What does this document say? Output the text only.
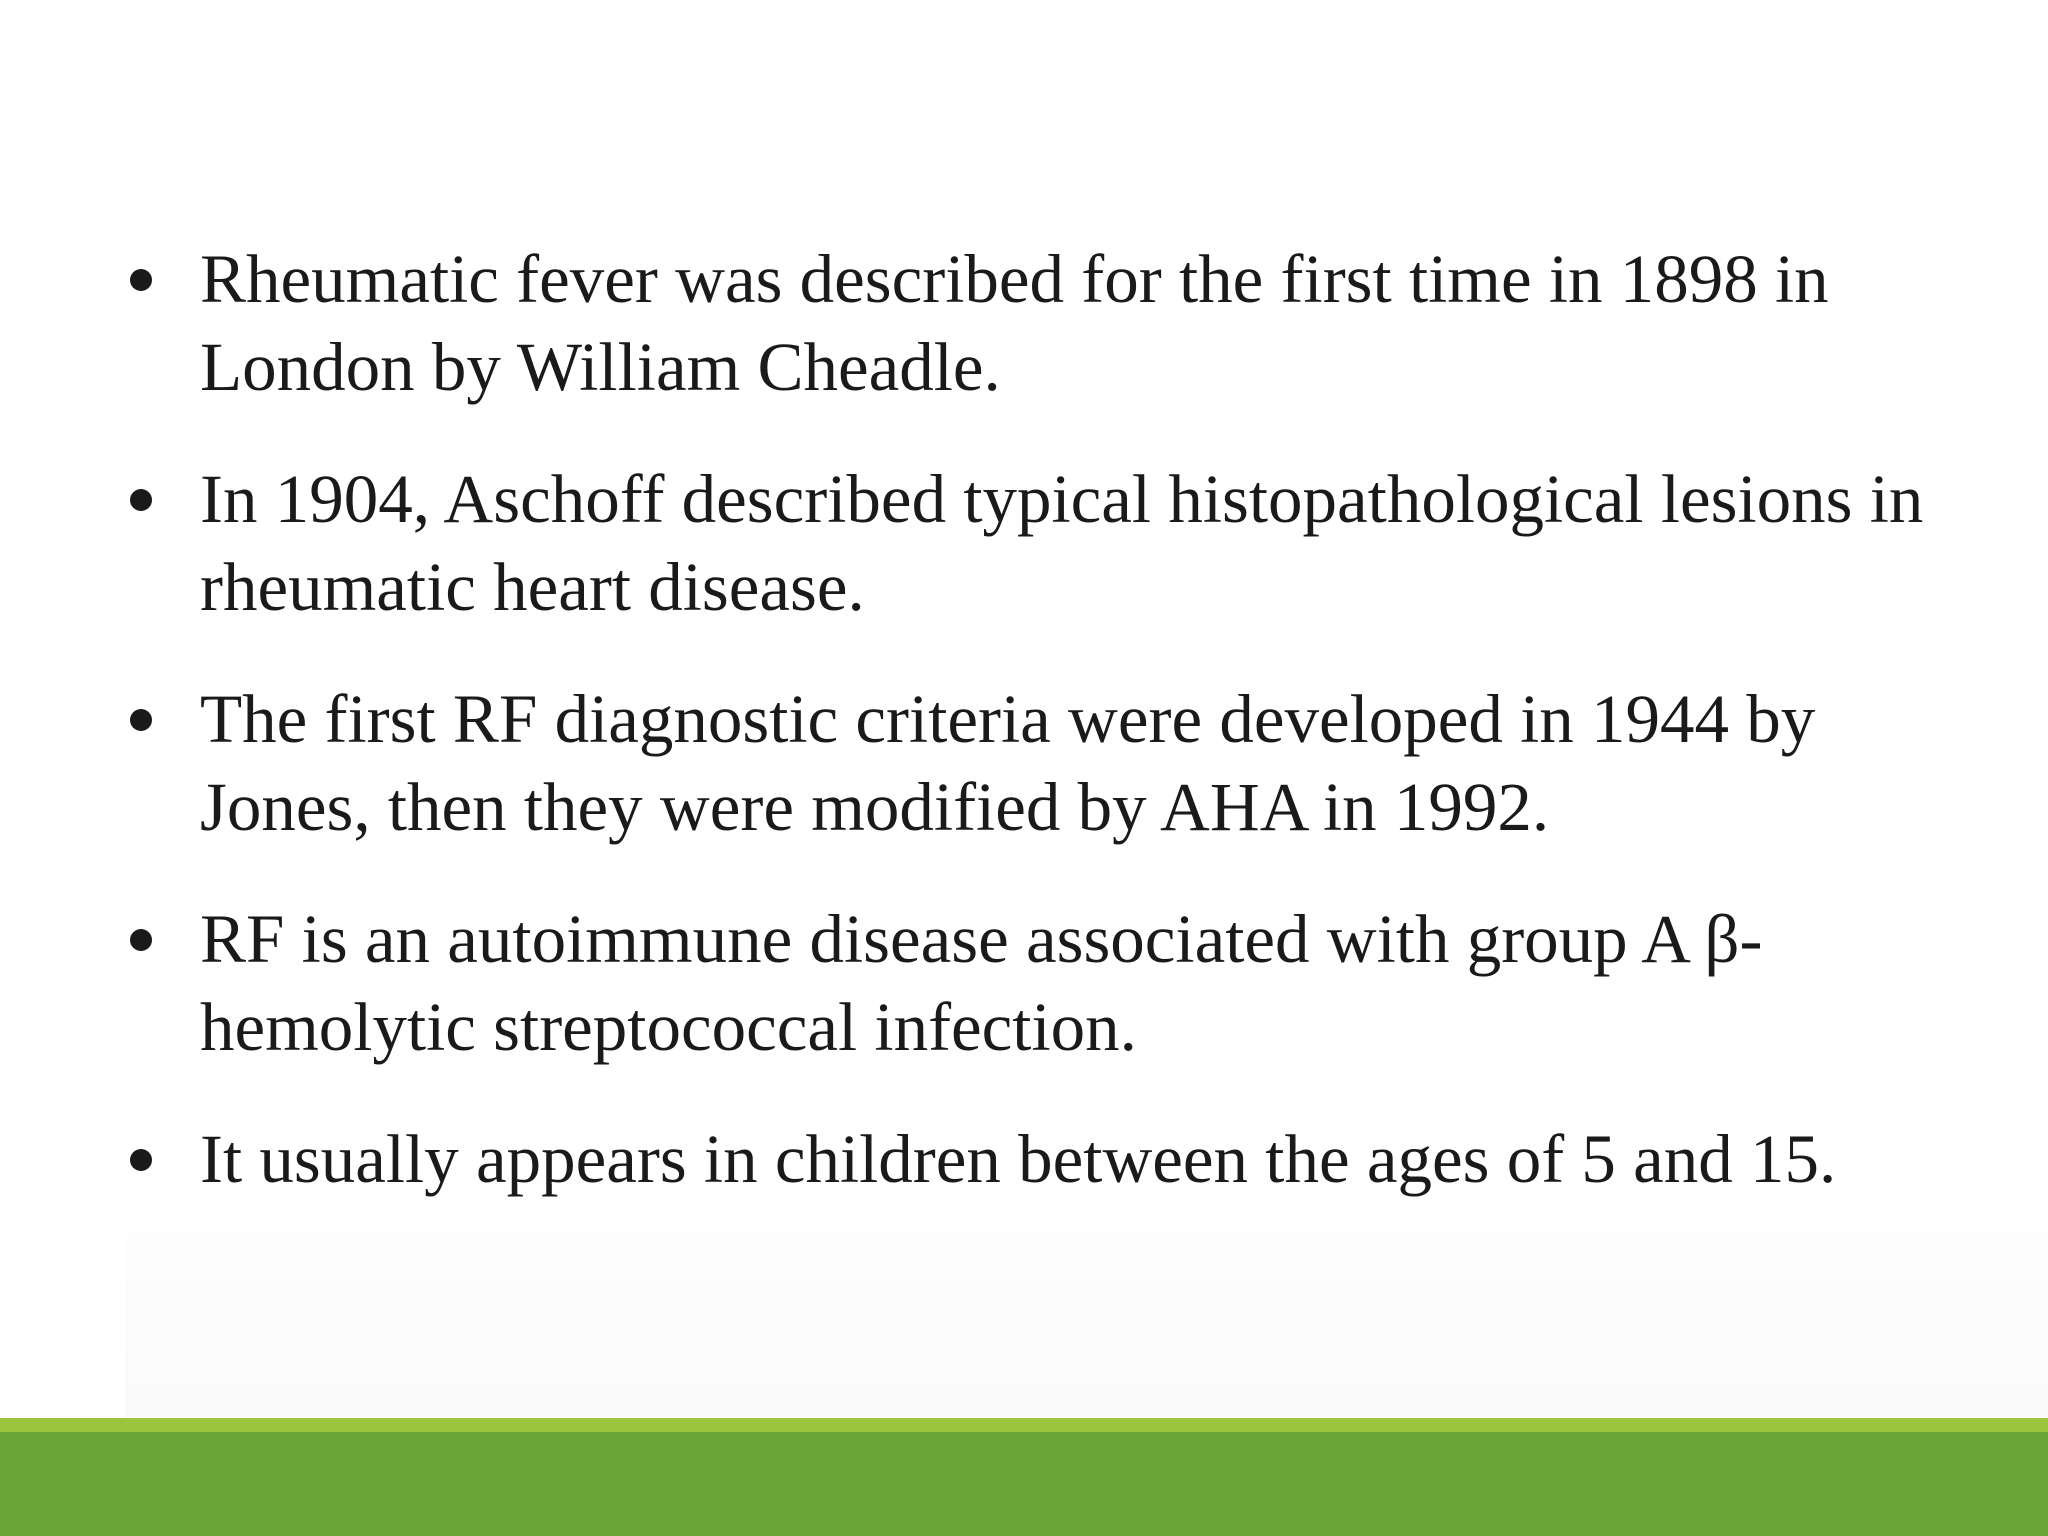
Rheumatic fever was described for the first time in 1898 in London by William Cheadle.
In 1904, Aschoff described typical histopathological lesions in rheumatic heart disease.
The first RF diagnostic criteria were developed in 1944 by Jones, then they were modified by AHA in 1992.
RF is an autoimmune disease associated with group A β-hemolytic streptococcal infection.
It usually appears in children between the ages of 5 and 15.
